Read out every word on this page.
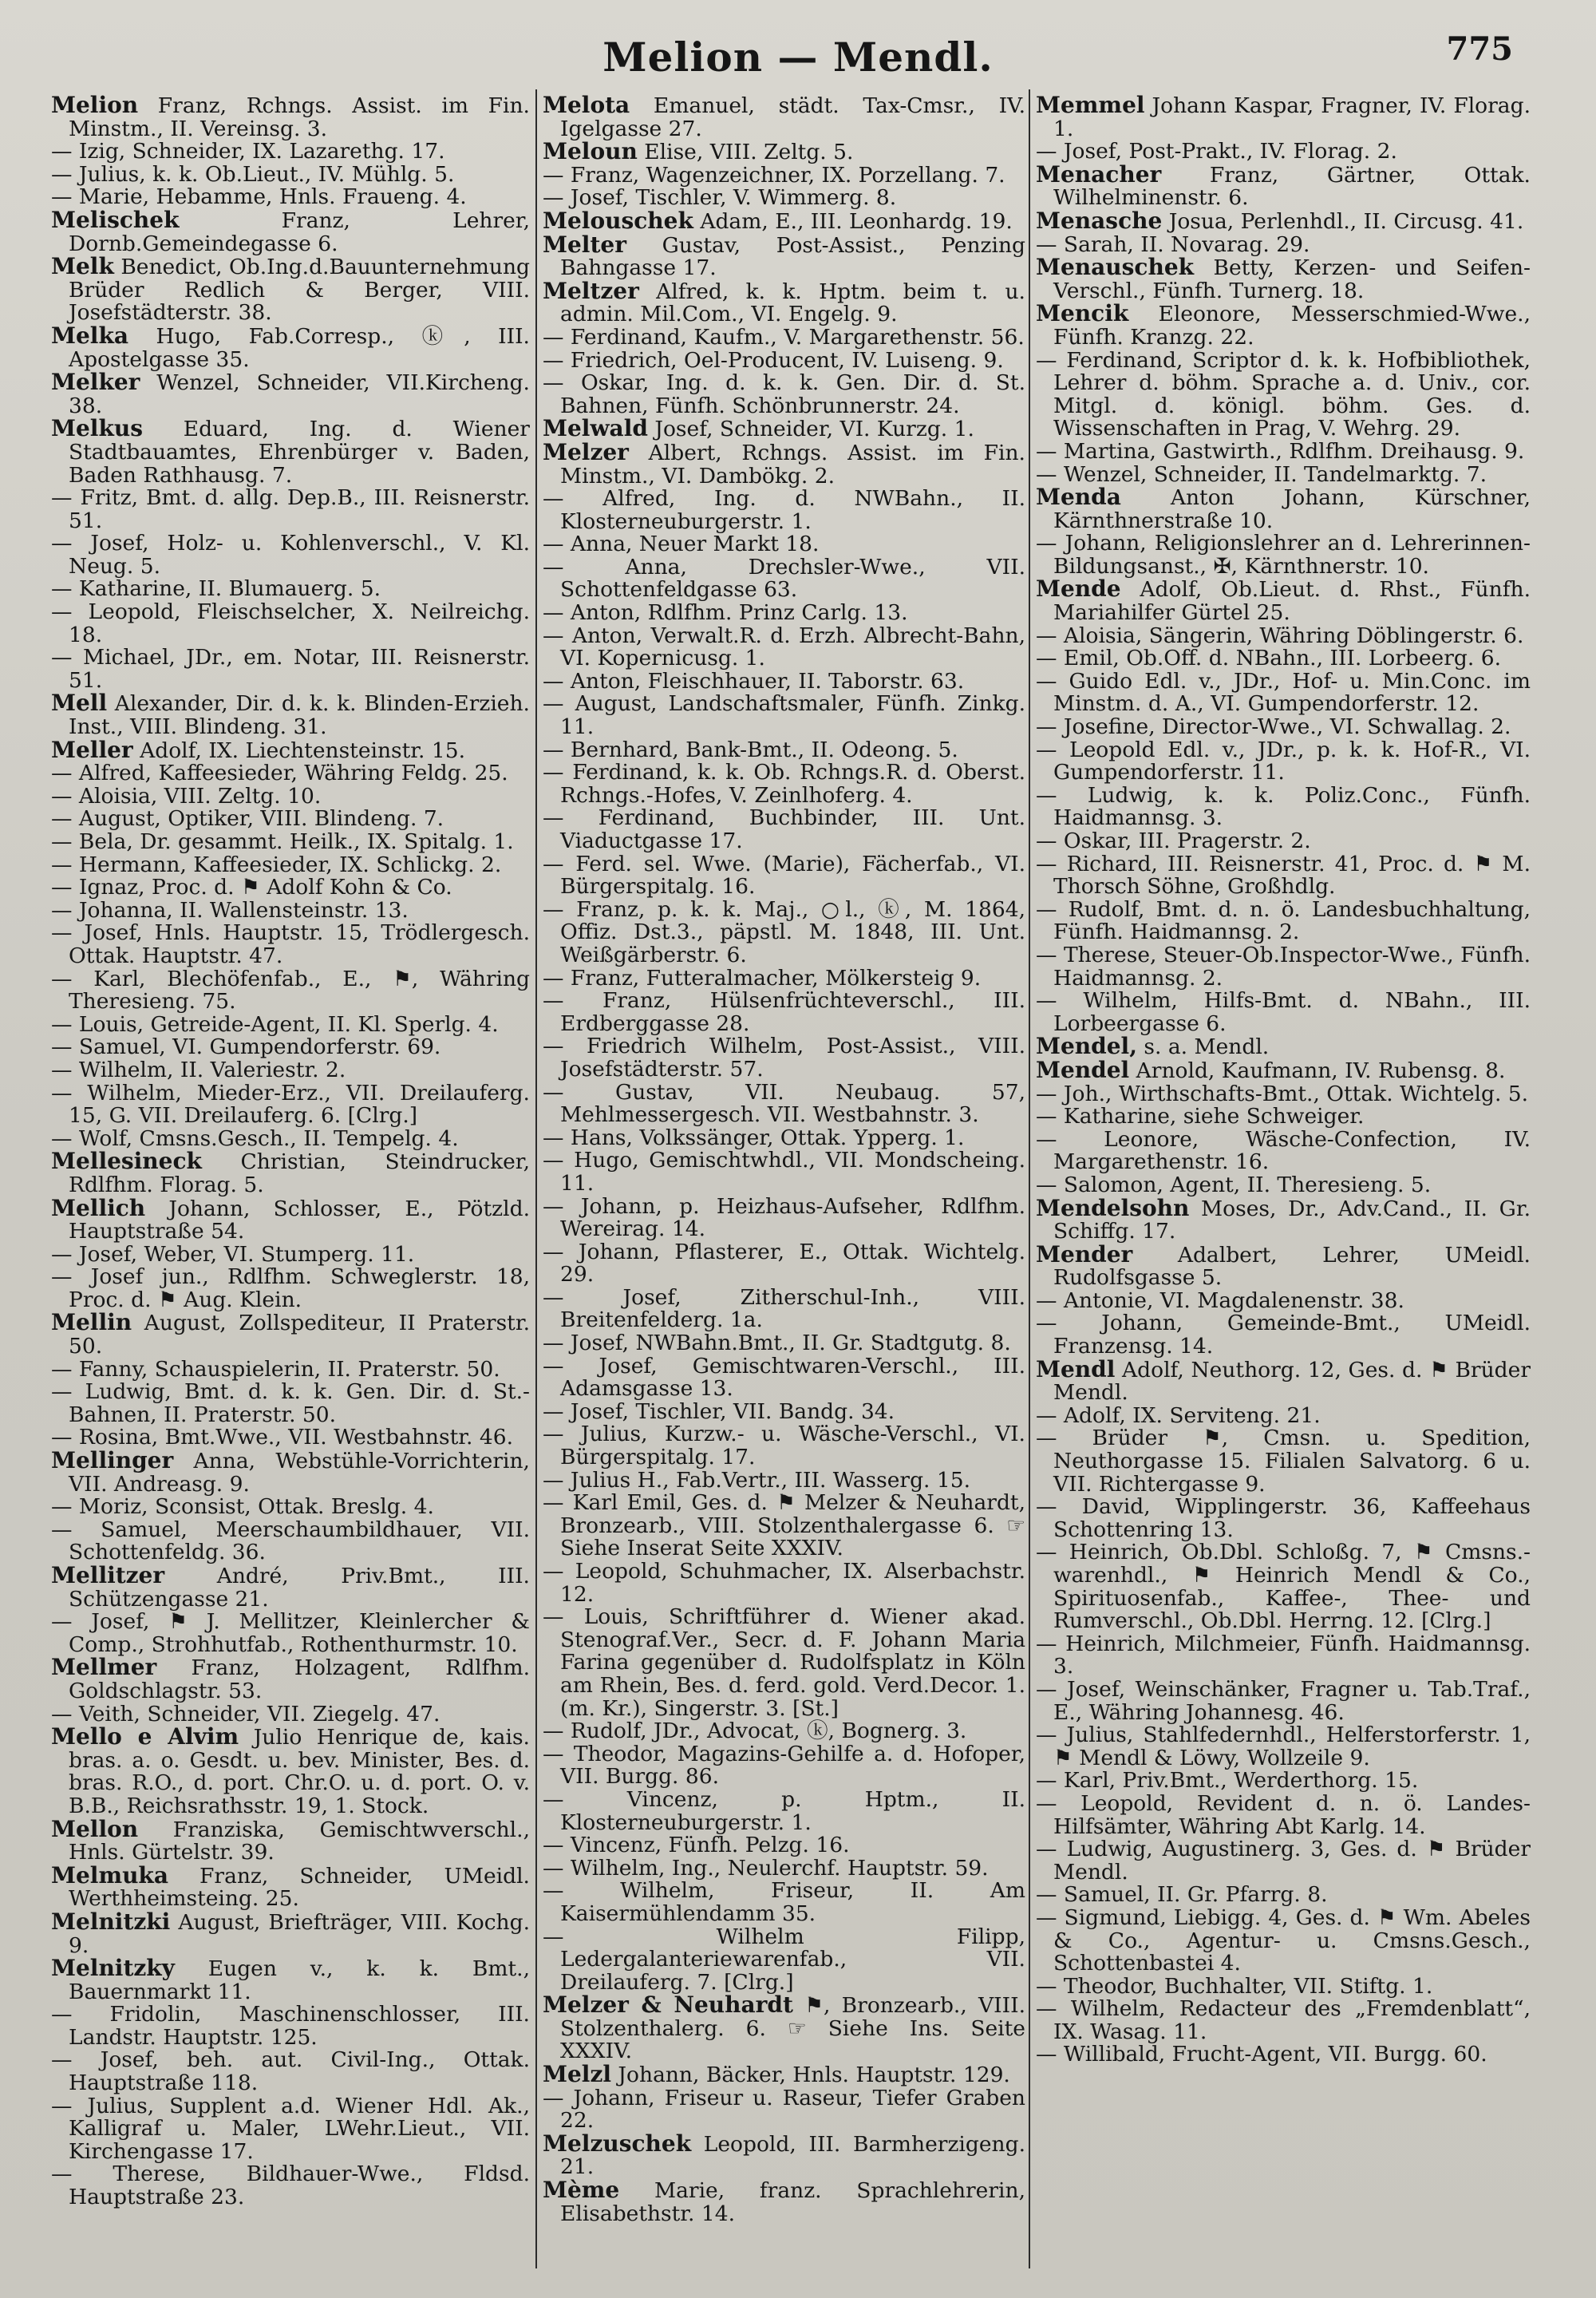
Melion — Mendl.	775

Melion Franz, Rchngs. Assist. im Fin. Minstm., II. Vereinsg. 3.

— Izig, Schneider, IX. Lazarethg. 17.

— Julius, k. k. Ob.Lieut., IV. Mühlg. 5.

— Marie, Hebamme, Hnls. Fraueng. 4.

Melischek	Franz, Lehrer, Dornb.Gemeindegasse 6.

Melk Benedict, Ob.Ing.d.Bauunternehmung Brüder Redlich & Berger, VIII. Josefstädterstr. 38.

Melka Hugo, Fab.Corresp., ⓚ, III. Apostelgasse 35.

Melker Wenzel, Schneider, VII.Kircheng. 38.

Melkus Eduard, Ing. d. Wiener Stadtbauamtes, Ehrenbürger v. Baden, Baden Rathhausg. 7.

— Fritz, Bmt. d. allg. Dep.B., III. Reisnerstr. 51.

— Josef, Holz- u. Kohlenverschl., V. Kl. Neug. 5.

— Katharine, II. Blumauerg. 5.

— Leopold, Fleischselcher, X. Neilreichg. 18.

— Michael, JDr., em. Notar, III. Reisnerstr. 51.

Mell Alexander, Dir. d. k. k. Blinden-Erzieh. Inst., VIII. Blindeng. 31.

Meller Adolf, IX. Liechtensteinstr. 15.

— Alfred, Kaffeesieder, Währing Feldg. 25.

— Aloisia, VIII. Zeltg. 10.

— August, Optiker, VIII. Blindeng. 7.

— Bela, Dr. gesammt. Heilk., IX. Spitalg. 1.

— Hermann, Kaffeesieder, IX. Schlickg. 2.

— Ignaz, Proc. d. ⚑ Adolf Kohn & Co.

— Johanna, II. Wallensteinstr. 13.

— Josef, Hnls. Hauptstr. 15, Trödlergesch. Ottak. Hauptstr. 47.

— Karl, Blechöfenfab., E., ⚑, Währing Theresieng. 75.

— Louis, Getreide-Agent, II. Kl. Sperlg. 4.

— Samuel, VI. Gumpendorferstr. 69.

— Wilhelm, II. Valeriestr. 2.

— Wilhelm, Mieder-Erz., VII. Dreilauferg. 15, G. VII. Dreilauferg. 6. [Clrg.]

— Wolf, Cmsns.Gesch., II. Tempelg. 4.

Mellesineck Christian, Steindrucker, Rdlfhm. Florag. 5.

Mellich Johann, Schlosser, E., Pötzld. Hauptstraße 54.

— Josef, Weber, VI. Stumperg. 11.

— Josef jun., Rdlfhm. Schweglerstr. 18, Proc. d. ⚑ Aug. Klein.

Mellin August, Zollspediteur, II Praterstr. 50.

— Fanny, Schauspielerin, II. Praterstr. 50.

— Ludwig, Bmt. d. k. k. Gen. Dir. d. St.-Bahnen, II. Praterstr. 50.

— Rosina, Bmt.Wwe., VII. Westbahnstr. 46.

Mellinger Anna, Webstühle-Vorrichterin, VII. Andreasg. 9.

— Moriz, Sconsist, Ottak. Breslg. 4.

— Samuel, Meerschaumbildhauer, VII. Schottenfeldg. 36.

Mellitzer André, Priv.Bmt., III. Schützengasse 21.

— Josef, ⚑ J. Mellitzer, Kleinlercher & Comp., Strohhutfab., Rothenthurmstr. 10.

Mellmer Franz, Holzagent, Rdlfhm. Goldschlagstr. 53.

— Veith, Schneider, VII. Ziegelg. 47.

Mello e Alvim Julio Henrique de, kais. bras. a. o. Gesdt. u. bev. Minister, Bes. d. bras. R.O., d. port. Chr.O. u. d. port. O. v. B.B., Reichsrathsstr. 19, 1. Stock.

Mellon Franziska, Gemischtwverschl., Hnls. Gürtelstr. 39.

Melmuka Franz, Schneider, UMeidl. Werthheimsteing. 25.

Melnitzki August, Briefträger, VIII. Kochg. 9.

Melnitzky Eugen v., k. k. Bmt., Bauernmarkt 11.

— Fridolin, Maschinenschlosser, III. Landstr. Hauptstr. 125.

— Josef, beh. aut. Civil-Ing., Ottak. Hauptstraße 118.

— Julius, Supplent a.d. Wiener Hdl. Ak., Kalligraf u. Maler, LWehr.Lieut., VII. Kirchengasse 17.

— Therese, Bildhauer-Wwe., Fldsd. Hauptstraße 23.

Melota Emanuel, städt. Tax-Cmsr., IV. Igelgasse 27.

Meloun Elise, VIII. Zeltg. 5.

— Franz, Wagenzeichner, IX. Porzellang. 7.

— Josef, Tischler, V. Wimmerg. 8.

Melouschek Adam, E., III. Leonhardg. 19.

Melter Gustav, Post-Assist., Penzing Bahngasse 17.

Meltzer Alfred, k. k. Hptm. beim t. u. admin. Mil.Com., VI. Engelg. 9.

— Ferdinand, Kaufm., V. Margarethenstr. 56.

— Friedrich, Oel-Producent, IV. Luiseng. 9.

— Oskar, Ing. d. k. k. Gen. Dir. d. St. Bahnen, Fünfh. Schönbrunnerstr. 24.

Melwald Josef, Schneider, VI. Kurzg. 1.

Melzer Albert, Rchngs. Assist. im Fin. Minstm., VI. Dambökg. 2.

— Alfred, Ing. d. NWBahn., II. Klosterneuburgerstr. 1.

— Anna, Neuer Markt 18.

— Anna, Drechsler-Wwe., VII. Schottenfeldgasse 63.

— Anton, Rdlfhm. Prinz Carlg. 13.

— Anton, Verwalt.R. d. Erzh. Albrecht-Bahn, VI. Kopernicusg. 1.

— Anton, Fleischhauer, II. Taborstr. 63.

— August, Landschaftsmaler, Fünfh. Zinkg. 11.

— Bernhard, Bank-Bmt., II. Odeong. 5.

— Ferdinand, k. k. Ob. Rchngs.R. d. Oberst. Rchngs.-Hofes, V. Zeinlhoferg. 4.

— Ferdinand, Buchbinder, III. Unt. Viaductgasse 17.

— Ferd. sel. Wwe. (Marie), Fächerfab., VI. Bürgerspitalg. 16.

— Franz, p. k. k. Maj., ○l., ⓚ, M. 1864, Offiz. Dst.3., päpstl. M. 1848, III. Unt. Weißgärberstr. 6.

— Franz, Futteralmacher, Mölkersteig 9.

— Franz, Hülsenfrüchteverschl., III. Erdberggasse 28.

— Friedrich Wilhelm, Post-Assist., VIII. Josefstädterstr. 57.

— Gustav, VII. Neubaug. 57, Mehlmessergesch. VII. Westbahnstr. 3.

— Hans, Volkssänger, Ottak. Ypperg. 1.

— Hugo, Gemischtwhdl., VII. Mondscheing. 11.

— Johann, p. Heizhaus-Aufseher, Rdlfhm. Wereirag. 14.

— Johann, Pflasterer, E., Ottak. Wichtelg. 29.

— Josef, Zitherschul-Inh., VIII. Breitenfelderg. 1a.

— Josef, NWBahn.Bmt., II. Gr. Stadtgutg. 8.

— Josef, Gemischtwaren-Verschl., III. Adamsgasse 13.

— Josef, Tischler, VII. Bandg. 34.

— Julius, Kurzw.- u. Wäsche-Verschl., VI. Bürgerspitalg. 17.

— Julius H., Fab.Vertr., III. Wasserg. 15.

— Karl Emil, Ges. d. ⚑ Melzer & Neuhardt, Bronzearb., VIII. Stolzenthalergasse 6. ☞ Siehe Inserat Seite XXXIV.

— Leopold, Schuhmacher, IX. Alserbachstr. 12.

— Louis, Schriftführer d. Wiener akad. Stenograf.Ver., Secr. d. F. Johann Maria Farina gegenüber d. Rudolfsplatz in Köln am Rhein, Bes. d. ferd. gold. Verd.Decor. 1. (m. Kr.), Singerstr. 3. [St.]

— Rudolf, JDr., Advocat, ⓚ, Bognerg. 3.

— Theodor, Magazins-Gehilfe a. d. Hofoper, VII. Burgg. 86.

— Vincenz, p. Hptm., II. Klosterneuburgerstr. 1.

— Vincenz, Fünfh. Pelzg. 16.

— Wilhelm, Ing., Neulerchf. Hauptstr. 59.

— Wilhelm, Friseur, II. Am Kaisermühlendamm 35.

— Wilhelm Filipp, Ledergalanteriewarenfab., VII. Dreilauferg. 7. [Clrg.]

Melzer & Neuhardt ⚑, Bronzearb., VIII. Stolzenthalerg. 6. ☞ Siehe Ins. Seite XXXIV.

Melzl Johann, Bäcker, Hnls. Hauptstr. 129.

— Johann, Friseur u. Raseur, Tiefer Graben 22.

Melzuschek Leopold, III. Barmherzigeng. 21.

Mème Marie, franz. Sprachlehrerin, Elisabethstr. 14.

Memmel Johann Kaspar, Fragner, IV. Florag. 1.

— Josef, Post-Prakt., IV. Florag. 2.

Menacher Franz, Gärtner, Ottak. Wilhelminenstr. 6.

Menasche Josua, Perlenhdl., II. Circusg. 41.

— Sarah, II. Novarag. 29.

Menauschek Betty, Kerzen- und Seifen-Verschl., Fünfh. Turnerg. 18.

Mencik Eleonore, Messerschmied-Wwe., Fünfh. Kranzg. 22.

— Ferdinand, Scriptor d. k. k. Hofbibliothek, Lehrer d. böhm. Sprache a. d. Univ., cor. Mitgl. d. königl. böhm. Ges. d. Wissenschaften in Prag, V. Wehrg. 29.

— Martina, Gastwirth., Rdlfhm. Dreihausg. 9.

— Wenzel, Schneider, II. Tandelmarktg. 7.

Menda Anton Johann, Kürschner, Kärnthnerstraße 10.

— Johann, Religionslehrer an d. Lehrerinnen-Bildungsanst., ✠, Kärnthnerstr. 10.

Mende Adolf, Ob.Lieut. d. Rhst., Fünfh. Mariahilfer Gürtel 25.

— Aloisia, Sängerin, Währing Döblingerstr. 6.

— Emil, Ob.Off. d. NBahn., III. Lorbeerg. 6.

— Guido Edl. v., JDr., Hof- u. Min.Conc. im Minstm. d. A., VI. Gumpendorferstr. 12.

— Josefine, Director-Wwe., VI. Schwallag. 2.

— Leopold Edl. v., JDr., p. k. k. Hof-R., VI. Gumpendorferstr. 11.

— Ludwig, k. k. Poliz.Conc., Fünfh. Haidmannsg. 3.

— Oskar, III. Pragerstr. 2.

— Richard, III. Reisnerstr. 41, Proc. d. ⚑ M. Thorsch Söhne, Großhdlg.

— Rudolf, Bmt. d. n. ö. Landesbuchhaltung, Fünfh. Haidmannsg. 2.

— Therese, Steuer-Ob.Inspector-Wwe., Fünfh. Haidmannsg. 2.

— Wilhelm, Hilfs-Bmt. d. NBahn., III. Lorbeergasse 6.

Mendel, s. a. Mendl.

Mendel Arnold, Kaufmann, IV. Rubensg. 8.

— Joh., Wirthschafts-Bmt., Ottak. Wichtelg. 5.

— Katharine, siehe Schweiger.

— Leonore, Wäsche-Confection, IV. Margarethenstr. 16.

— Salomon, Agent, II. Theresieng. 5.

Mendelsohn Moses, Dr., Adv.Cand., II. Gr. Schiffg. 17.

Mender Adalbert, Lehrer, UMeidl. Rudolfsgasse 5.

— Antonie, VI. Magdalenenstr. 38.

— Johann, Gemeinde-Bmt., UMeidl. Franzensg. 14.

Mendl Adolf, Neuthorg. 12, Ges. d. ⚑ Brüder Mendl.

— Adolf, IX. Serviteng. 21.

— Brüder ⚑, Cmsn. u. Spedition, Neuthorgasse 15. Filialen Salvatorg. 6 u. VII. Richtergasse 9.

— David, Wipplingerstr. 36, Kaffeehaus Schottenring 13.

— Heinrich, Ob.Dbl. Schloßg. 7, ⚑ Cmsns.-warenhdl., ⚑ Heinrich Mendl & Co., Spirituosenfab., Kaffee-, Thee- und Rumverschl., Ob.Dbl. Herrng. 12. [Clrg.]

— Heinrich, Milchmeier, Fünfh. Haidmannsg. 3.

— Josef, Weinschänker, Fragner u. Tab.Traf., E., Währing Johannesg. 46.

— Julius, Stahlfedernhdl., Helferstorferstr. 1, ⚑ Mendl & Löwy, Wollzeile 9.

— Karl, Priv.Bmt., Werderthorg. 15.

— Leopold, Revident d. n. ö. Landes-Hilfsämter, Währing Abt Karlg. 14.

— Ludwig, Augustinerg. 3, Ges. d. ⚑ Brüder Mendl.

— Samuel, II. Gr. Pfarrg. 8.

— Sigmund, Liebigg. 4, Ges. d. ⚑ Wm. Abeles & Co., Agentur- u. Cmsns.Gesch., Schottenbastei 4.

— Theodor, Buchhalter, VII. Stiftg. 1.

— Wilhelm, Redacteur des „Fremdenblatt“, IX. Wasag. 11.

— Willibald, Frucht-Agent, VII. Burgg. 60.
